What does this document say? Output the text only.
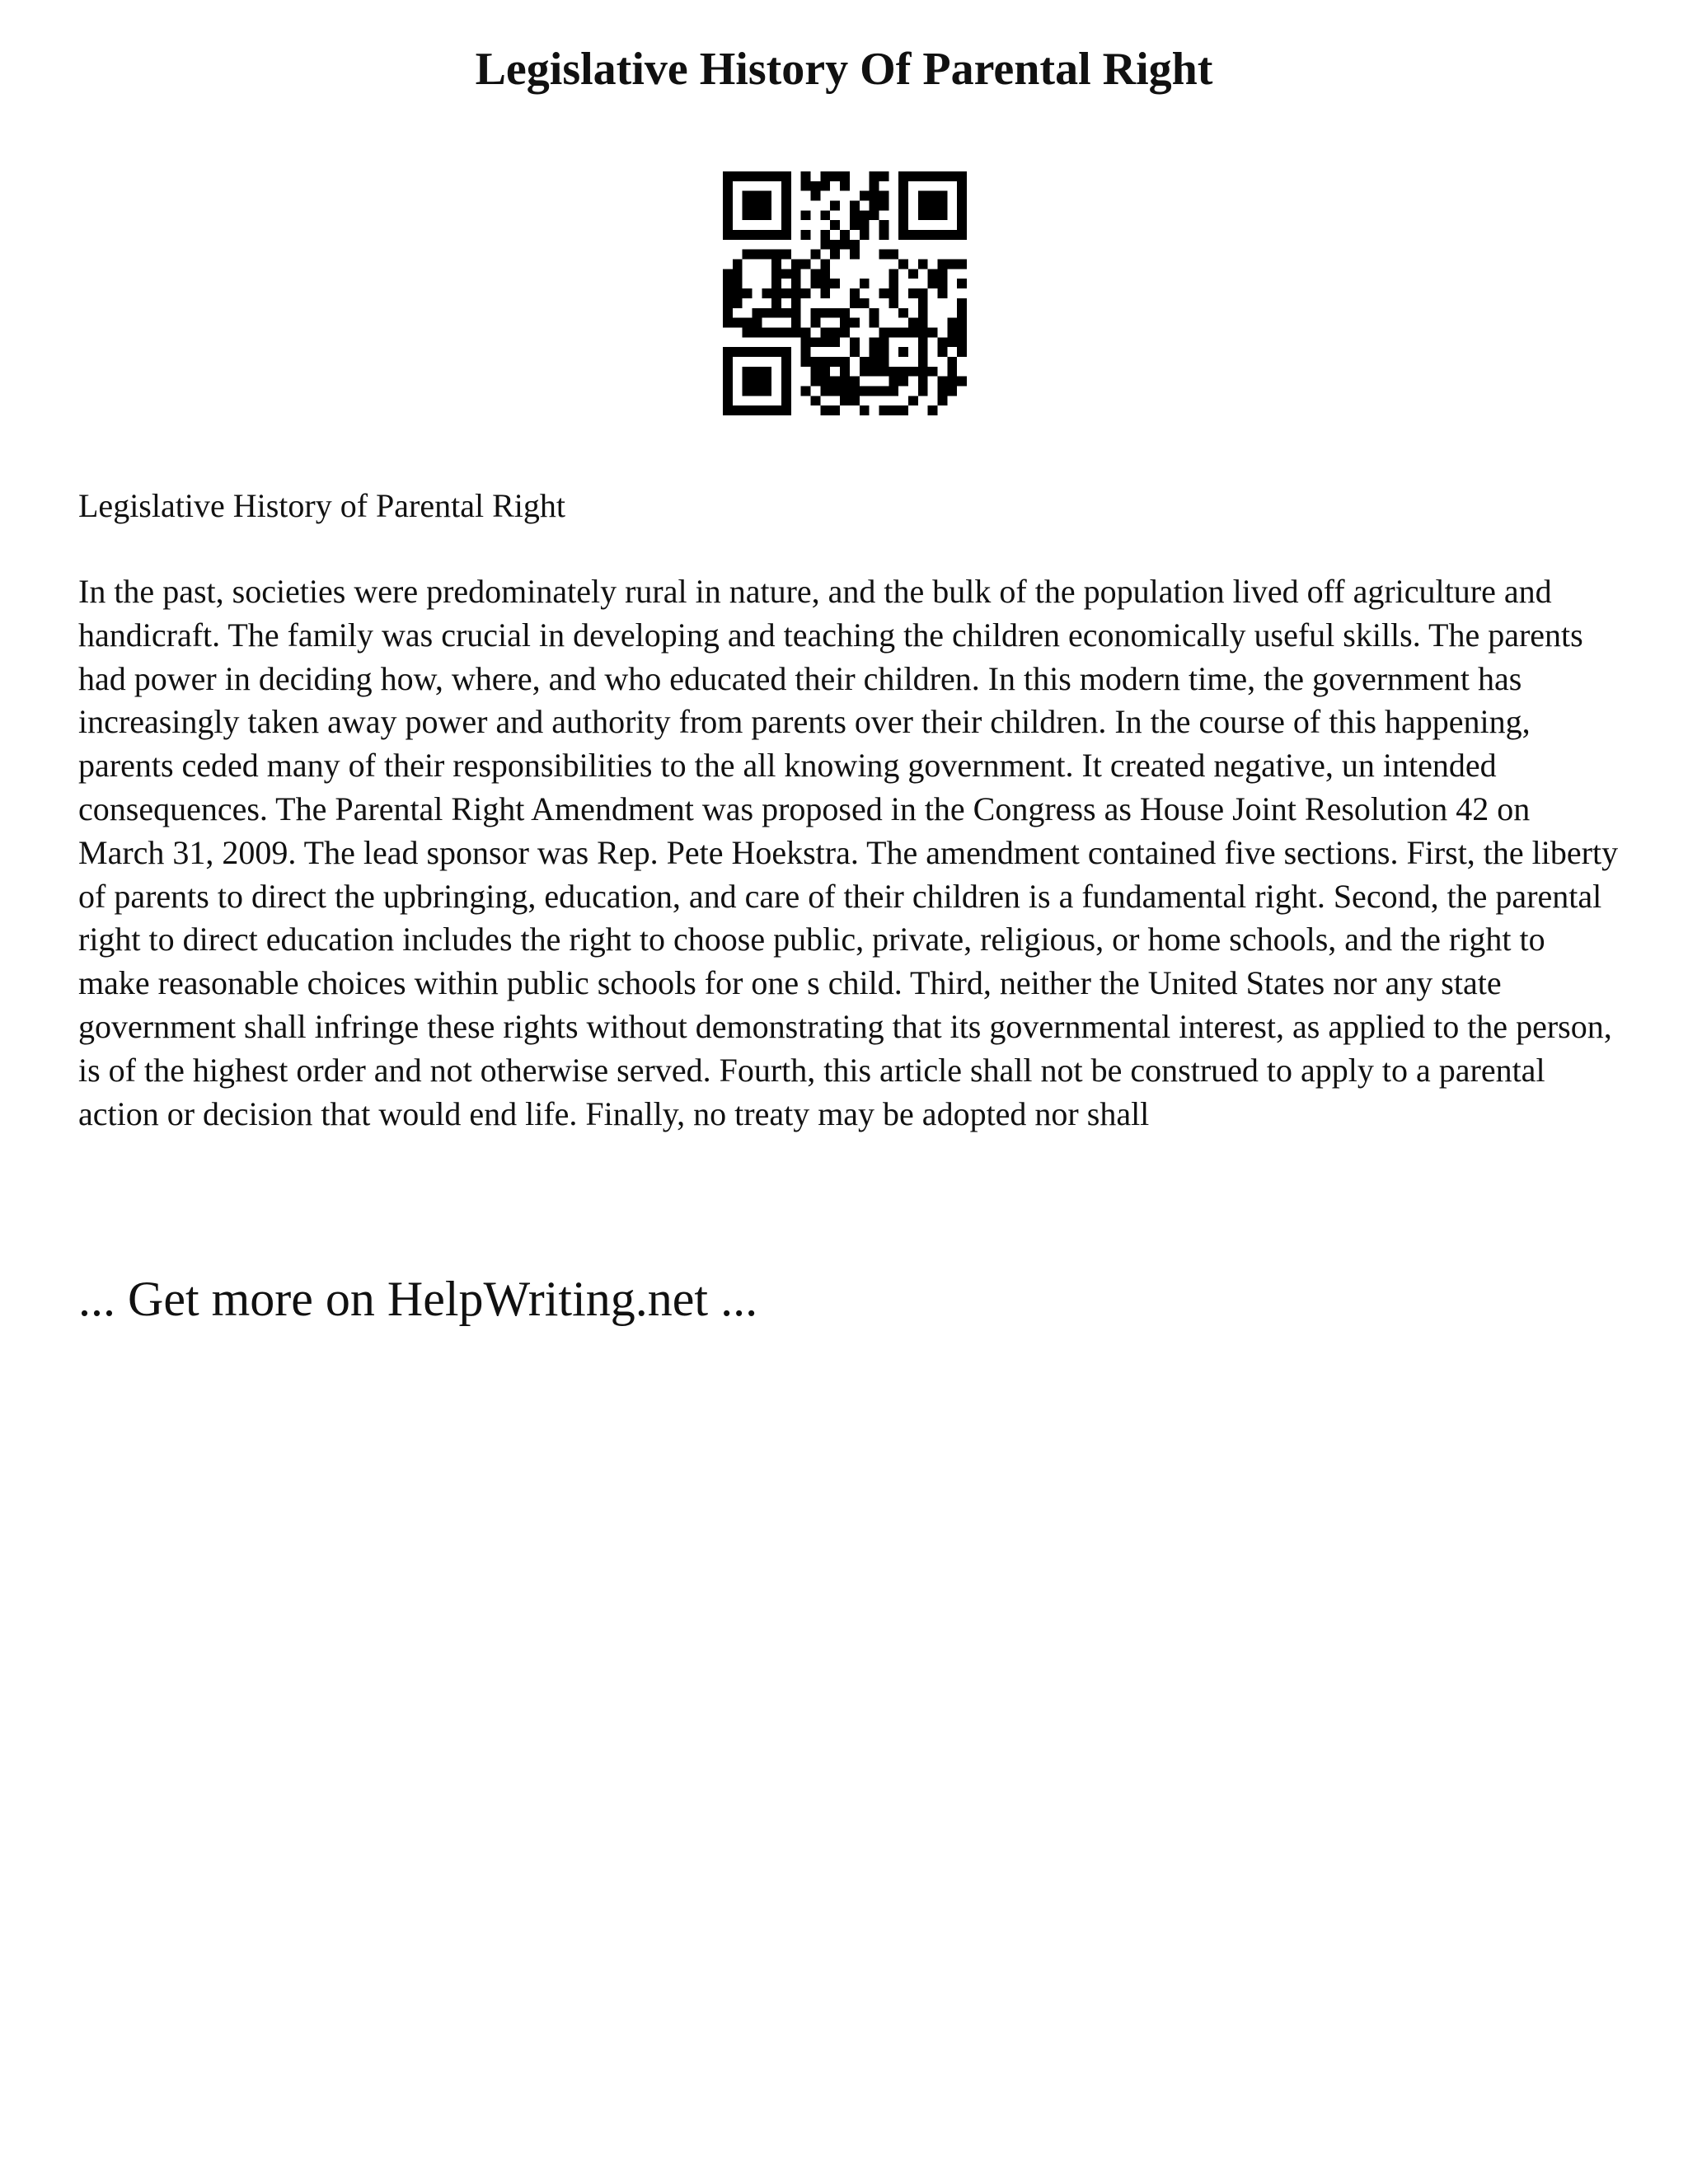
Legislative History Of Parental Right

Legislative History of Parental Right

In the past, societies were predominately rural in nature, and the bulk of the population lived off agriculture and handicraft. The family was crucial in developing and teaching the children economically useful skills. The parents had power in deciding how, where, and who educated their children. In this modern time, the government has increasingly taken away power and authority from parents over their children. In the course of this happening, parents ceded many of their responsibilities to the all knowing government. It created negative, un intended consequences. The Parental Right Amendment was proposed in the Congress as House Joint Resolution 42 on March 31, 2009. The lead sponsor was Rep. Pete Hoekstra. The amendment contained five sections. First, the liberty of parents to direct the upbringing, education, and care of their children is a fundamental right. Second, the parental right to direct education includes the right to choose public, private, religious, or home schools, and the right to make reasonable choices within public schools for one s child. Third, neither the United States nor any state government shall infringe these rights without demonstrating that its governmental interest, as applied to the person, is of the highest order and not otherwise served. Fourth, this article shall not be construed to apply to a parental action or decision that would end life. Finally, no treaty may be adopted nor shall

... Get more on HelpWriting.net ...
